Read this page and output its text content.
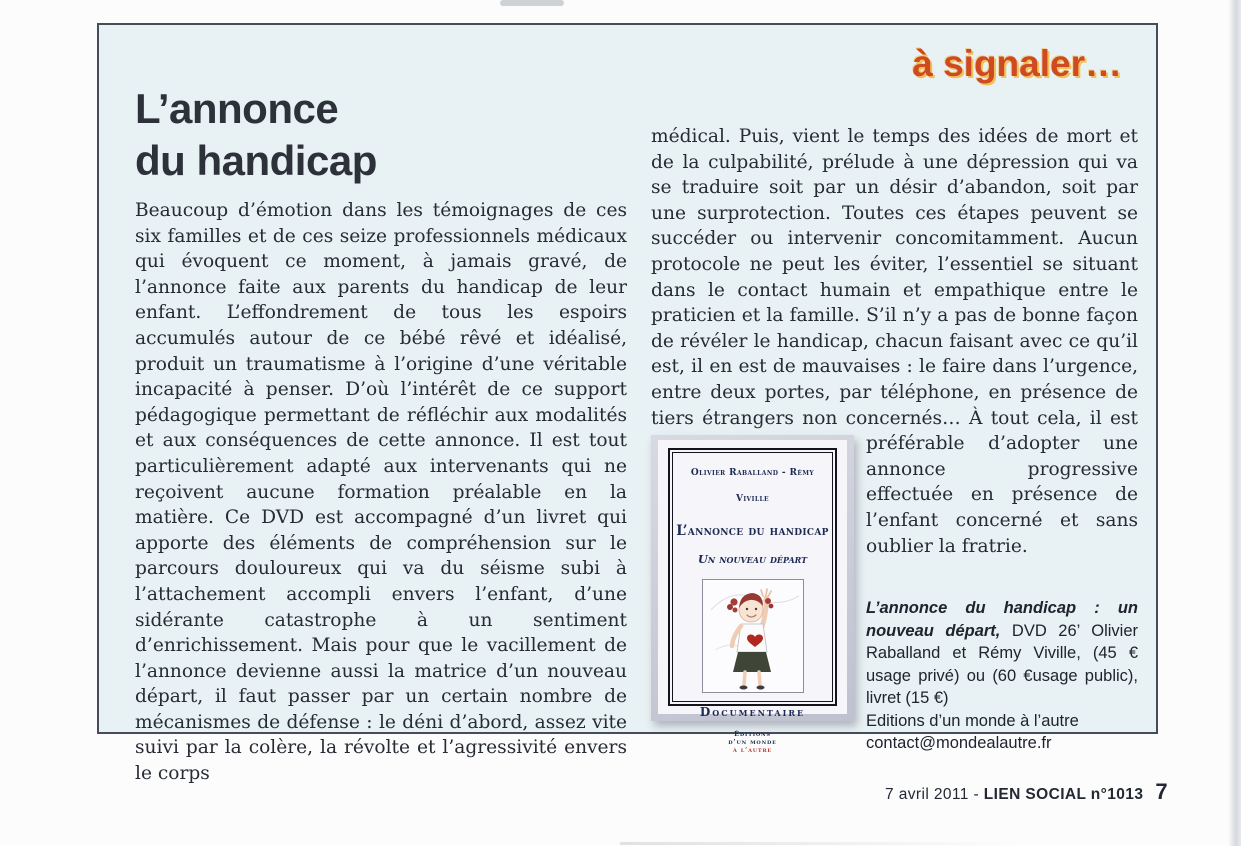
à signaler…
L’annonce
du handicap
Beaucoup d’émotion dans les témoignages de ces six familles et de ces seize professionnels médicaux qui évoquent ce moment, à jamais gravé, de l’annonce faite aux parents du handicap de leur enfant. L’effondrement de tous les espoirs accumulés autour de ce bébé rêvé et idéalisé, produit un traumatisme à l’origine d’une véritable incapacité à penser. D’où l’intérêt de ce support pédagogique permettant de réfléchir aux modalités et aux conséquences de cette annonce. Il est tout particulièrement adapté aux intervenants qui ne reçoivent aucune formation préalable en la matière. Ce DVD est accompagné d’un livret qui apporte des éléments de compréhension sur le parcours douloureux qui va du séisme subi à l’attachement accompli envers l’enfant, d’une sidérante catastrophe à un sentiment d’enrichissement. Mais pour que le vacillement de l’annonce devienne aussi la matrice d’un nouveau départ, il faut passer par un certain nombre de mécanismes de défense : le déni d’abord, assez vite suivi par la colère, la révolte et l’agressivité envers le corps
médical. Puis, vient le temps des idées de mort et de la culpabilité, prélude à une dépression qui va se traduire soit par un désir d’abandon, soit par une surprotection. Toutes ces étapes peuvent se succéder ou intervenir concomitamment. Aucun protocole ne peut les éviter, l’essentiel se situant dans le contact humain et empathique entre le praticien et la famille. S’il n’y a pas de bonne façon de révéler le handicap, chacun faisant avec ce qu’il est, il en est de mauvaises : le faire dans l’urgence, entre deux portes, par téléphone, en présence de tiers étrangers non concernés… À tout
Olivier Raballand - Rémy Viville
L’annonce du handicap
Un nouveau départ
Documentaire
Éditions
d’un monde
à l’autre
cela, il est préférable d’adopter une annonce progressive effectuée en présence de l’enfant concerné et sans oublier la fratrie.

L’annonce du handicap : un nouveau départ, DVD 26’ Olivier Raballand et Rémy Viville, (45 € usage privé) ou (60 €usage public), livret (15 €)

Editions d’un monde à l’autre

contact@mondealautre.fr

7 avril 2011 - LIEN SOCIAL n°1013 7
